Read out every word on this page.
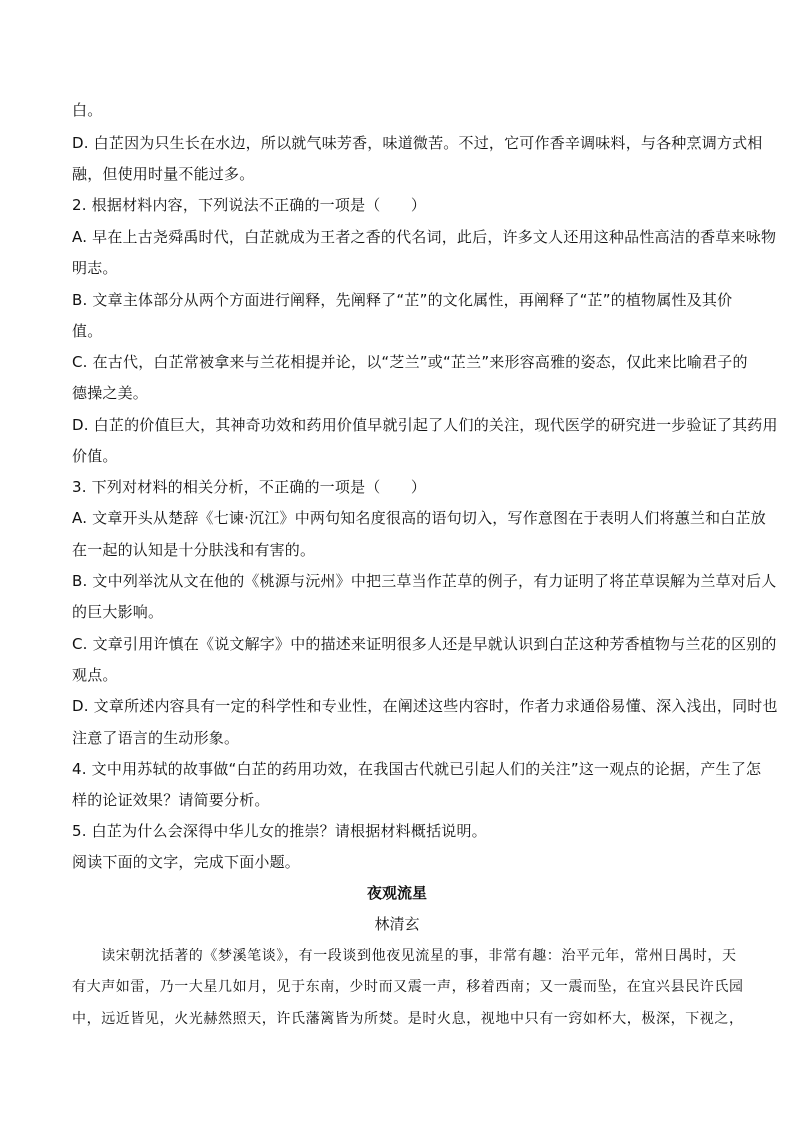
白。
D. 白芷因为只生长在水边，所以就气味芳香，味道微苦。不过，它可作香辛调味料，与各种烹调方式相
融，但使用时量不能过多。
2. 根据材料内容，下列说法不正确的一项是（　　）
A. 早在上古尧舜禹时代，白芷就成为王者之香的代名词，此后，许多文人还用这种品性高洁的香草来咏物
明志。
B. 文章主体部分从两个方面进行阐释，先阐释了“芷”的文化属性，再阐释了“芷”的植物属性及其价
值。
C. 在古代，白芷常被拿来与兰花相提并论，以“芝兰”或“芷兰”来形容高雅的姿态，仅此来比喻君子的
德操之美。
D. 白芷的价值巨大，其神奇功效和药用价值早就引起了人们的关注，现代医学的研究进一步验证了其药用
价值。
3. 下列对材料的相关分析，不正确的一项是（　　）
A. 文章开头从楚辞《七谏·沉江》中两句知名度很高的语句切入，写作意图在于表明人们将蕙兰和白芷放
在一起的认知是十分肤浅和有害的。
B. 文中列举沈从文在他的《桃源与沅州》中把三草当作芷草的例子，有力证明了将芷草误解为兰草对后人
的巨大影响。
C. 文章引用许慎在《说文解字》中的描述来证明很多人还是早就认识到白芷这种芳香植物与兰花的区别的
观点。
D. 文章所述内容具有一定的科学性和专业性，在阐述这些内容时，作者力求通俗易懂、深入浅出，同时也
注意了语言的生动形象。
4. 文中用苏轼的故事做“白芷的药用功效，在我国古代就已引起人们的关注”这一观点的论据，产生了怎
样的论证效果？请简要分析。
5. 白芷为什么会深得中华儿女的推崇？请根据材料概括说明。
阅读下面的文字，完成下面小题。
夜观流星
林清玄
　　读宋朝沈括著的《梦溪笔谈》，有一段谈到他夜见流星的事，非常有趣：治平元年，常州日禺时，天
有大声如雷，乃一大星几如月，见于东南，少时而又震一声，移着西南；又一震而坠，在宜兴县民许氏园
中，远近皆见，火光赫然照天，许氏藩篱皆为所焚。是时火息，视地中只有一窍如杯大，极深，下视之，
